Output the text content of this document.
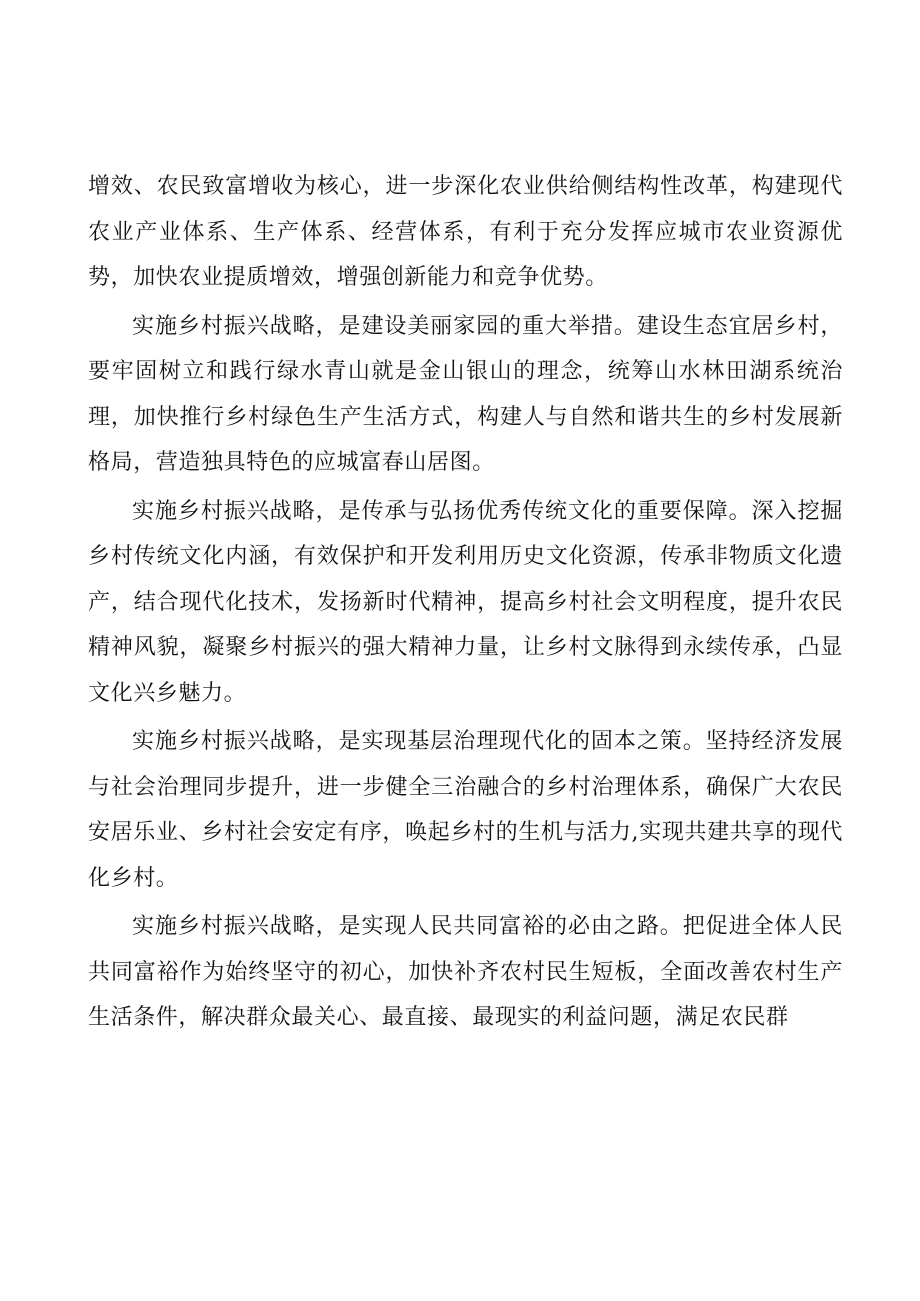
增效、农民致富增收为核心，进一步深化农业供给侧结构性改革，构建现代农业产业体系、生产体系、经营体系，有利于充分发挥应城市农业资源优势，加快农业提质增效，增强创新能力和竞争优势。

实施乡村振兴战略，是建设美丽家园的重大举措。建设生态宜居乡村，要牢固树立和践行绿水青山就是金山银山的理念，统筹山水林田湖系统治理，加快推行乡村绿色生产生活方式，构建人与自然和谐共生的乡村发展新格局，营造独具特色的应城富春山居图。

实施乡村振兴战略，是传承与弘扬优秀传统文化的重要保障。深入挖掘乡村传统文化内涵，有效保护和开发利用历史文化资源，传承非物质文化遗产，结合现代化技术，发扬新时代精神，提高乡村社会文明程度，提升农民精神风貌，凝聚乡村振兴的强大精神力量，让乡村文脉得到永续传承，凸显文化兴乡魅力。

实施乡村振兴战略，是实现基层治理现代化的固本之策。坚持经济发展与社会治理同步提升，进一步健全三治融合的乡村治理体系，确保广大农民安居乐业、乡村社会安定有序，唤起乡村的生机与活力,实现共建共享的现代化乡村。

实施乡村振兴战略，是实现人民共同富裕的必由之路。把促进全体人民共同富裕作为始终坚守的初心，加快补齐农村民生短板，全面改善农村生产生活条件，解决群众最关心、最直接、最现实的利益问题，满足农民群
